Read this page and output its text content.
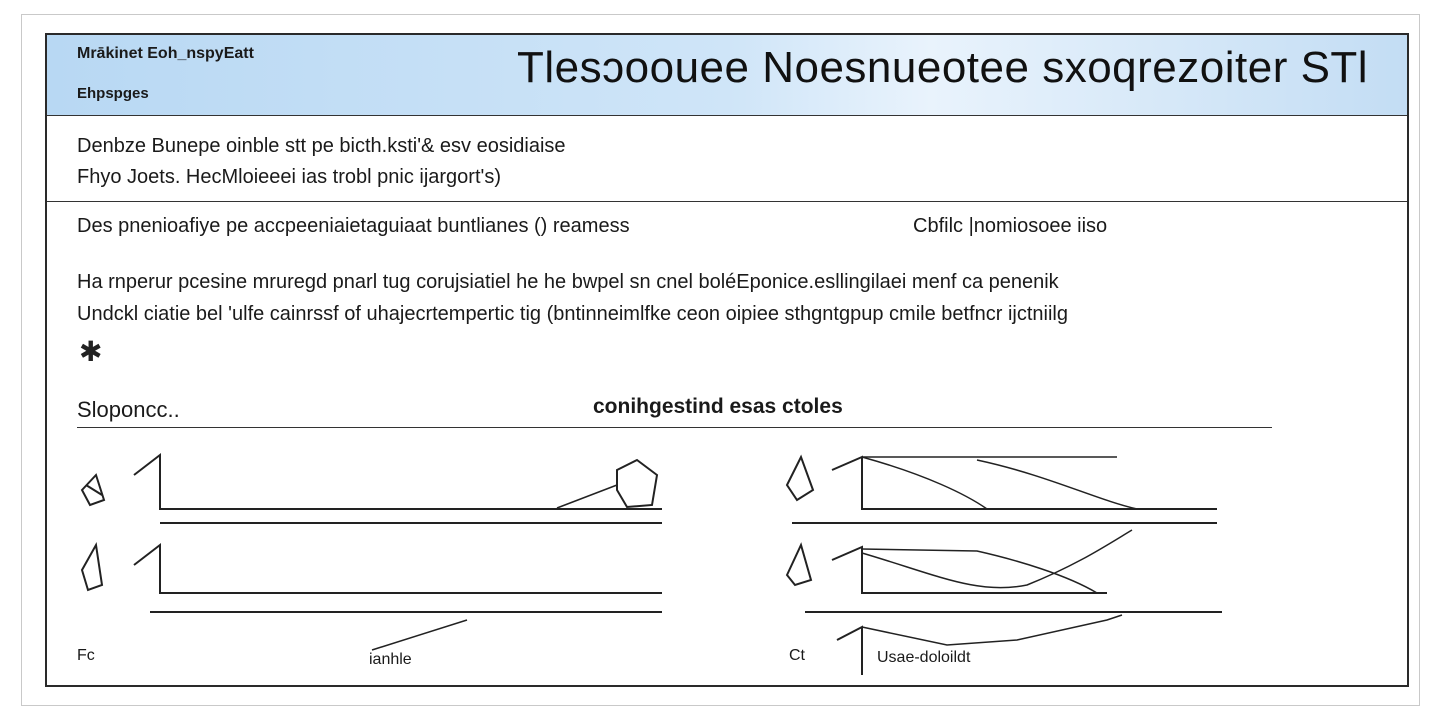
Mrākinet Eoh_nspyEatt
Ehpspges
Tlesɔoouee Noesnueotee sxoqrezoiter STl
Denbze Bunepe oinble stt pe bicth.ksti'& esv eosidiaise
Fhyo Joets. HecMloieeei ias trobl pnic ijargort's)
Des pnenioafiye pe accpeeniaietaguiaat buntlianes () reamess	Cbfilc |nomiosoee iiso
Ha rnperur pcesine mruregd pnarl tug corujsiatiel he he bwpel sn cnel boléEponice.esllingilaei menf ca penenik
Undckl ciatie bel 'ulfe cainrssf of uhajecrtempertic tig (bntinneimlfke ceon oipiee sthgntgpup cmile betfncr ijctniilg
✱
Sloponcc..	conihgestind esas ctoles
Fc	ianhle	Ct	Usae-doloildt
